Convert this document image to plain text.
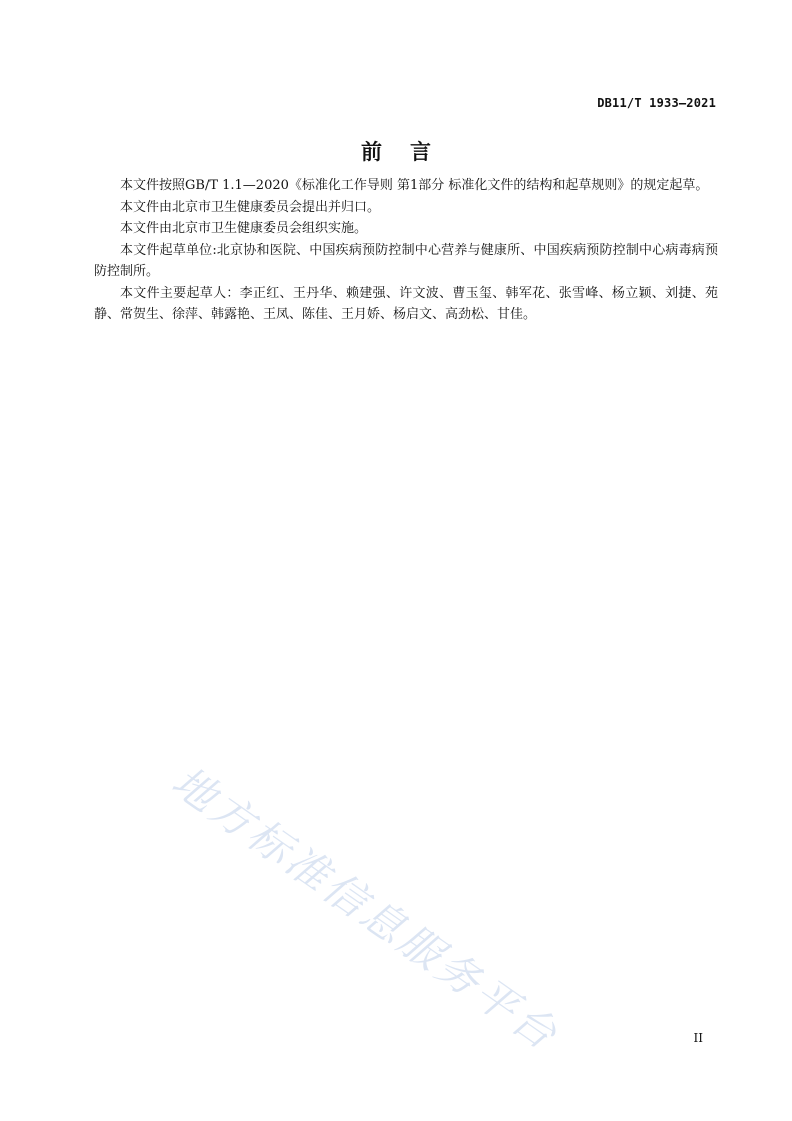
DB11/T 1933—2021
前言

本文件按照GB/T 1.1—2020《标准化工作导则 第1部分 标准化文件的结构和起草规则》的规定起草。

本文件由北京市卫生健康委员会提出并归口。

本文件由北京市卫生健康委员会组织实施。

本文件起草单位:北京协和医院、中国疾病预防控制中心营养与健康所、中国疾病预防控制中心病毒病预防控制所。

本文件主要起草人：李正红、王丹华、赖建强、许文波、曹玉玺、韩军花、张雪峰、杨立颖、刘捷、苑静、常贺生、徐萍、韩露艳、王凤、陈佳、王月娇、杨启文、高劲松、甘佳。

地方标准信息服务平台	II
